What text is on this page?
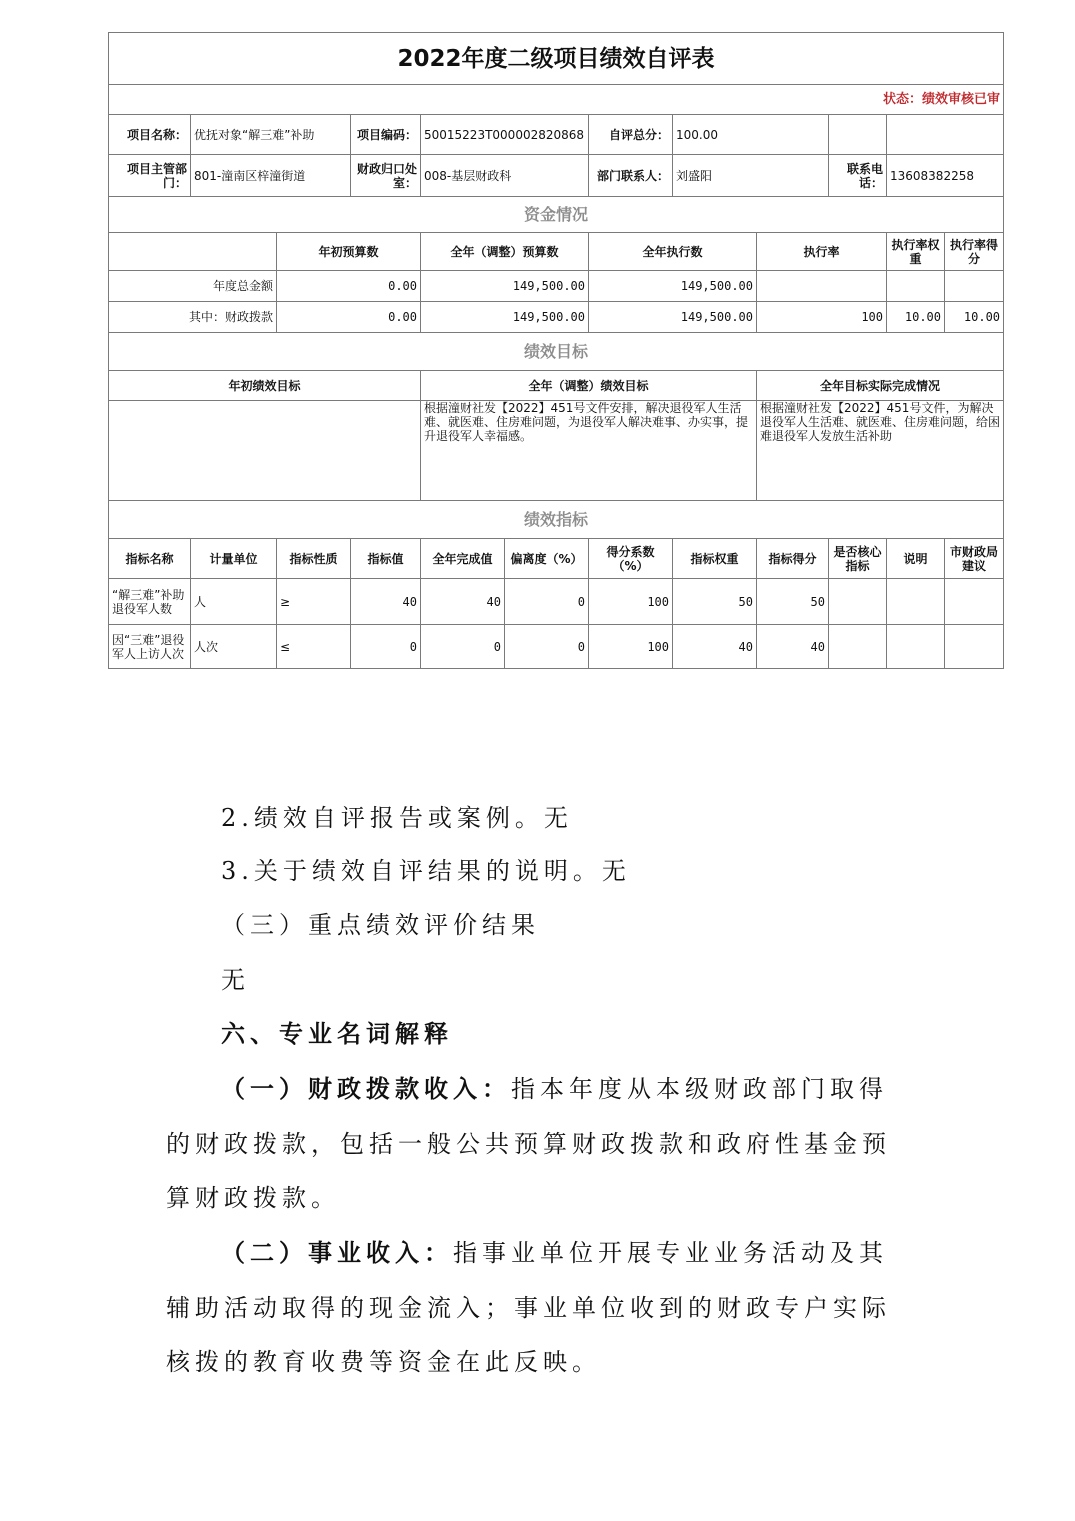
2022年度二级项目绩效自评表											
状态：绩效审核已审											
项目名称：	优抚对象“解三难”补助		项目编码：	50015223T000002820868		自评总分：	100.00				
项目主管部门：	801-潼南区梓潼街道		财政归口处室：	008-基层财政科		部门联系人：	刘盛阳		联系电话：	13608382258	
资金情况											
		年初预算数		全年（调整）预算数		全年执行数		执行率		执行率权重	执行率得分
年度总金额		0.00		149,500.00		149,500.00					
其中：财政拨款		0.00		149,500.00		149,500.00		100		10.00	10.00
绩效目标											
年初绩效目标				全年（调整）绩效目标				全年目标实际完成情况			
				根据潼财社发【2022】451号文件安排，解决退役军人生活难、就医难、住房难问题，为退役军人解决难事、办实事，提升退役军人幸福感。				根据潼财社发【2022】451号文件，为解决退役军人生活难、就医难、住房难问题，给困难退役军人发放生活补助			
绩效指标											
指标名称	计量单位	指标性质	指标值	全年完成值	偏离度（%）	得分系数（%）	指标权重	指标得分	是否核心指标	说明	市财政局建议
“解三难”补助退役军人数	人	≥	40	40	0	100	50	50			
因“三难”退役军人上访人次	人次	≤	0	0	0	100	40	40			
2.绩效自评报告或案例。无
3.关于绩效自评结果的说明。无
（三）重点绩效评价结果
无
六、专业名词解释
（一）财政拨款收入：指本年度从本级财政部门取得
的财政拨款，包括一般公共预算财政拨款和政府性基金预
算财政拨款。
（二）事业收入：指事业单位开展专业业务活动及其
辅助活动取得的现金流入；事业单位收到的财政专户实际
核拨的教育收费等资金在此反映。
